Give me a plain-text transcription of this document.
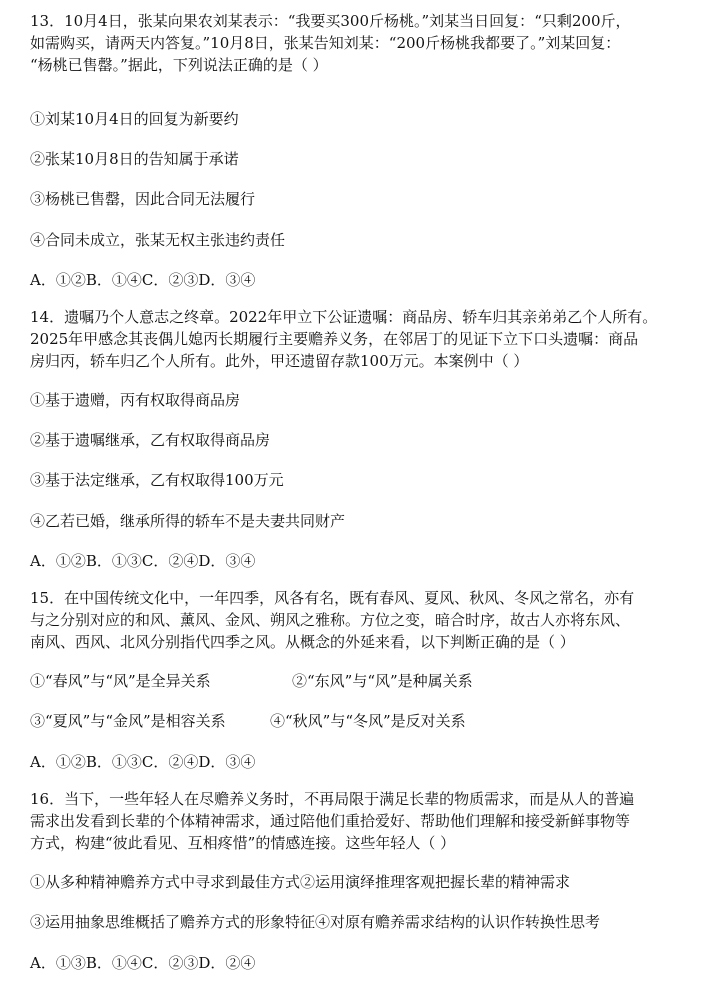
13．10月4日，张某向果农刘某表示：“我要买300斤杨桃。”刘某当日回复：“只剩200斤，
如需购买，请两天内答复。”10月8日，张某告知刘某：“200斤杨桃我都要了。”刘某回复：
“杨桃已售罄。”据此，下列说法正确的是（ ）
①刘某10月4日的回复为新要约
②张某10月8日的告知属于承诺
③杨桃已售罄，因此合同无法履行
④合同未成立，张某无权主张违约责任
A．①②B．①④C．②③D．③④
14．遗嘱乃个人意志之终章。2022年甲立下公证遗嘱：商品房、轿车归其亲弟弟乙个人所有。
2025年甲感念其丧偶儿媳丙长期履行主要赡养义务，在邻居丁的见证下立下口头遗嘱：商品
房归丙，轿车归乙个人所有。此外，甲还遗留存款100万元。本案例中（ ）
①基于遗赠，丙有权取得商品房
②基于遗嘱继承，乙有权取得商品房
③基于法定继承，乙有权取得100万元
④乙若已婚，继承所得的轿车不是夫妻共同财产
A．①②B．①③C．②④D．③④
15．在中国传统文化中，一年四季，风各有名，既有春风、夏风、秋风、冬风之常名，亦有
与之分别对应的和风、薰风、金风、朔风之雅称。方位之变，暗合时序，故古人亦将东风、
南风、西风、北风分别指代四季之风。从概念的外延来看，以下判断正确的是（ ）
①“春风”与“风”是全异关系	②“东风”与“风”是种属关系
③“夏风”与“金风”是相容关系	④“秋风”与“冬风”是反对关系
A．①②B．①③C．②④D．③④
16．当下，一些年轻人在尽赡养义务时，不再局限于满足长辈的物质需求，而是从人的普遍
需求出发看到长辈的个体精神需求，通过陪他们重拾爱好、帮助他们理解和接受新鲜事物等
方式，构建“彼此看见、互相疼惜”的情感连接。这些年轻人（ ）
①从多种精神赡养方式中寻求到最佳方式②运用演绎推理客观把握长辈的精神需求
③运用抽象思维概括了赡养方式的形象特征④对原有赡养需求结构的认识作转换性思考
A．①③B．①④C．②③D．②④
